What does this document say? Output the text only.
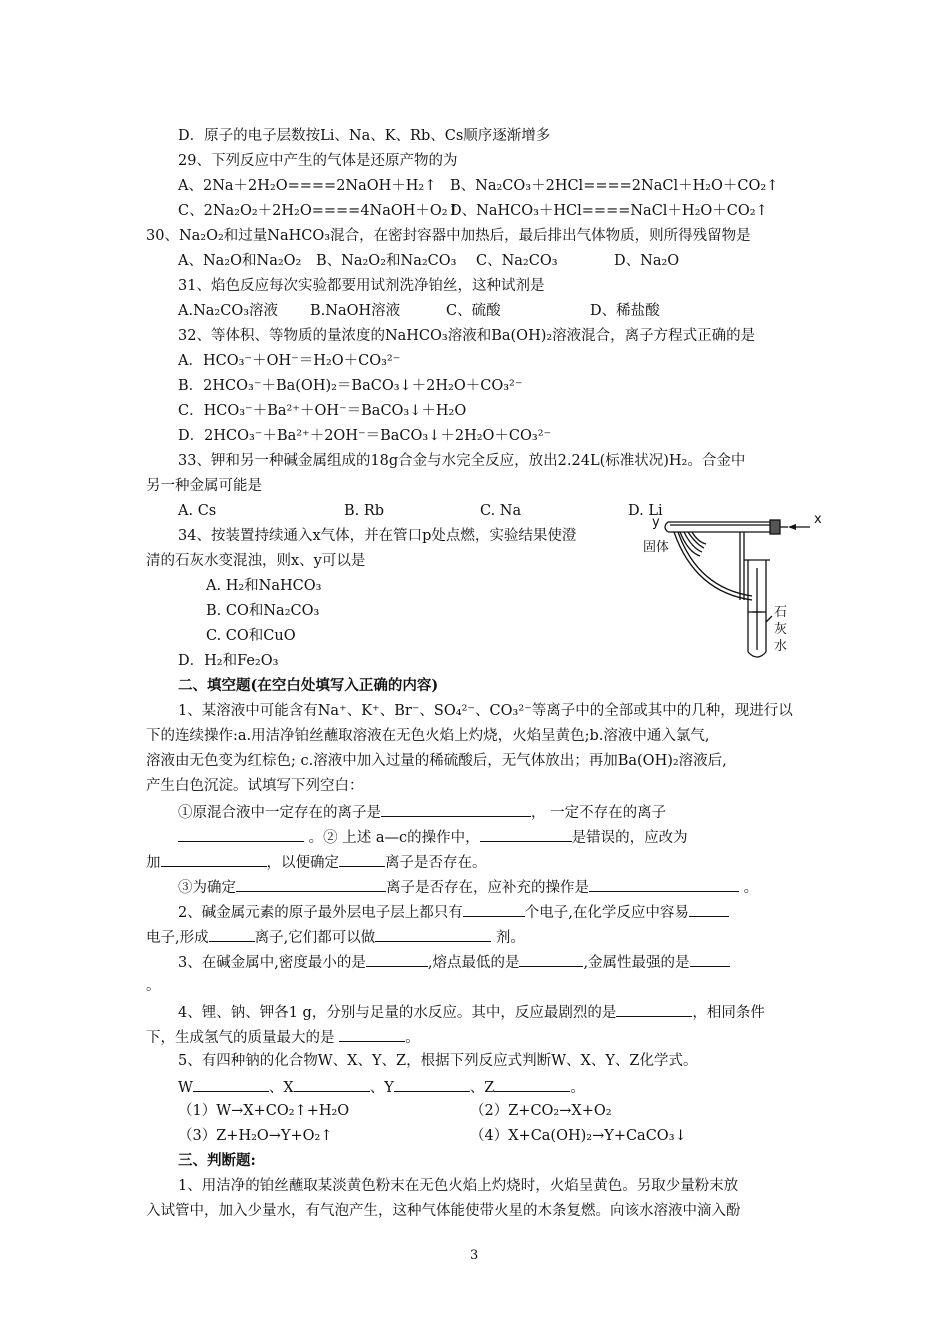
D．原子的电子层数按Li、Na、K、Rb、Cs顺序逐渐增多
29、下列反应中产生的气体是还原产物的为
A、2Na＋2H₂O====2NaOH＋H₂↑ B、Na₂CO₃＋2HCl====2NaCl＋H₂O＋CO₂↑
C、2Na₂O₂＋2H₂O====4NaOH＋O₂↑
D、NaHCO₃＋HCl====NaCl＋H₂O＋CO₂↑
30、Na₂O₂和过量NaHCO₃混合，在密封容器中加热后，最后排出气体物质，则所得残留物是
A、Na₂O和Na₂O₂ B、Na₂O₂和Na₂CO₃ C、Na₂CO₃	D、Na₂O
31、焰色反应每次实验都要用试剂洗净铂丝，这种试剂是
A.Na₂CO₃溶液 B.NaOH溶液	C、硫酸	D、稀盐酸
32、等体积、等物质的量浓度的NaHCO₃溶液和Ba(OH)₂溶液混合，离子方程式正确的是
A．HCO₃⁻＋OH⁻＝H₂O＋CO₃²⁻
B．2HCO₃⁻＋Ba(OH)₂＝BaCO₃↓＋2H₂O＋CO₃²⁻
C．HCO₃⁻＋Ba²⁺＋OH⁻＝BaCO₃↓＋H₂O
D．2HCO₃⁻＋Ba²⁺＋2OH⁻＝BaCO₃↓＋2H₂O＋CO₃²⁻
33、钾和另一种碱金属组成的18g合金与水完全反应，放出2.24L(标准状况)H₂。合金中
另一种金属可能是
A. Cs	B. Rb	C. Na	D. Li
34、按装置持续通入x气体，并在管口p处点燃，实验结果使澄
清的石灰水变混浊，则x、y可以是
A. H₂和NaHCO₃
B. CO和Na₂CO₃
C. CO和CuO
D．H₂和Fe₂O₃
y
固体
x
石
灰
水
二、填空题(在空白处填写入正确的内容)
1、某溶液中可能含有Na⁺、K⁺、Br⁻、SO₄²⁻、CO₃²⁻等离子中的全部或其中的几种，现进行以
下的连续操作:a.用洁净铂丝蘸取溶液在无色火焰上灼烧，火焰呈黄色;b.溶液中通入氯气,
溶液由无色变为红棕色; c.溶液中加入过量的稀硫酸后，无气体放出；再加Ba(OH)₂溶液后,
产生白色沉淀。试填写下列空白：
①原混合液中一定存在的离子是	， 一定不存在的离子
。② 上述 a—c的操作中，	是错误的，应改为
加	，以便确定	离子是否存在。
③为确定	离子是否存在，应补充的操作是	。
2、碱金属元素的原子最外层电子层上都只有	个电子,在化学反应中容易
电子,形成	离子,它们都可以做	剂。
3、在碱金属中,密度最小的是	,熔点最低的是	,金属性最强的是
。
4、锂、钠、钾各1 g，分别与足量的水反应。其中，反应最剧烈的是	，相同条件
下，生成氢气的质量最大的是	。
5、有四种钠的化合物W、X、Y、Z，根据下列反应式判断W、X、Y、Z化学式。
W	、X	、Y	、Z	。
（1）W→X+CO₂↑+H₂O	（2）Z+CO₂→X+O₂
（3）Z+H₂O→Y+O₂↑	（4）X+Ca(OH)₂→Y+CaCO₃↓
三、判断题:
1、用洁净的铂丝蘸取某淡黄色粉末在无色火焰上灼烧时，火焰呈黄色。另取少量粉末放
入试管中，加入少量水，有气泡产生，这种气体能使带火星的木条复燃。向该水溶液中滴入酚
3
